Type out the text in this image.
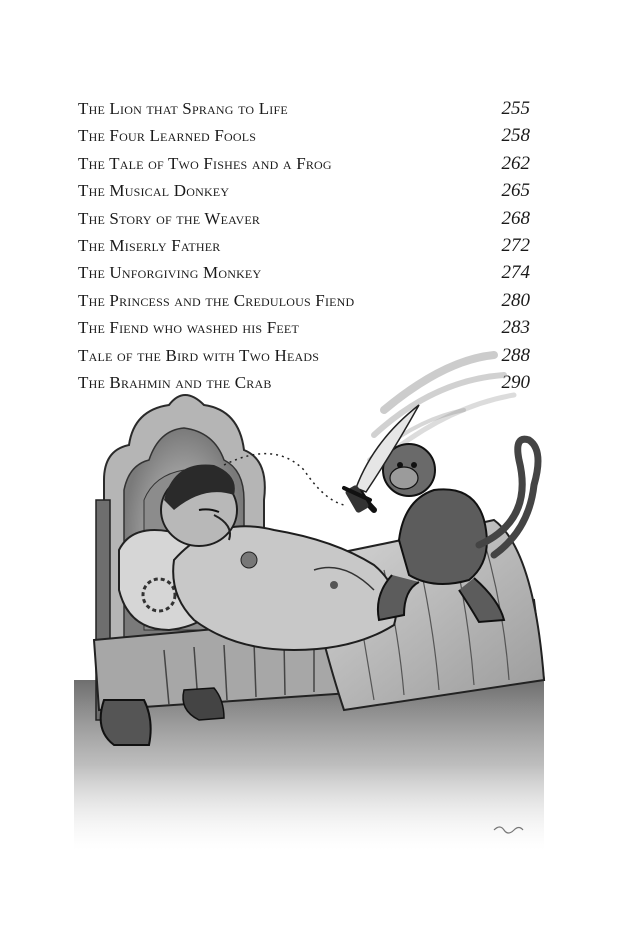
The Lion that Sprang to Life	255
The Four Learned Fools	258
The Tale of Two Fishes and a Frog	262
The Musical Donkey	265
The Story of the Weaver	268
The Miserly Father	272
The Unforgiving Monkey	274
The Princess and the Credulous Fiend	280
The Fiend who washed his Feet	283
Tale of the Bird with Two Heads	288
The Brahmin and the Crab	290
